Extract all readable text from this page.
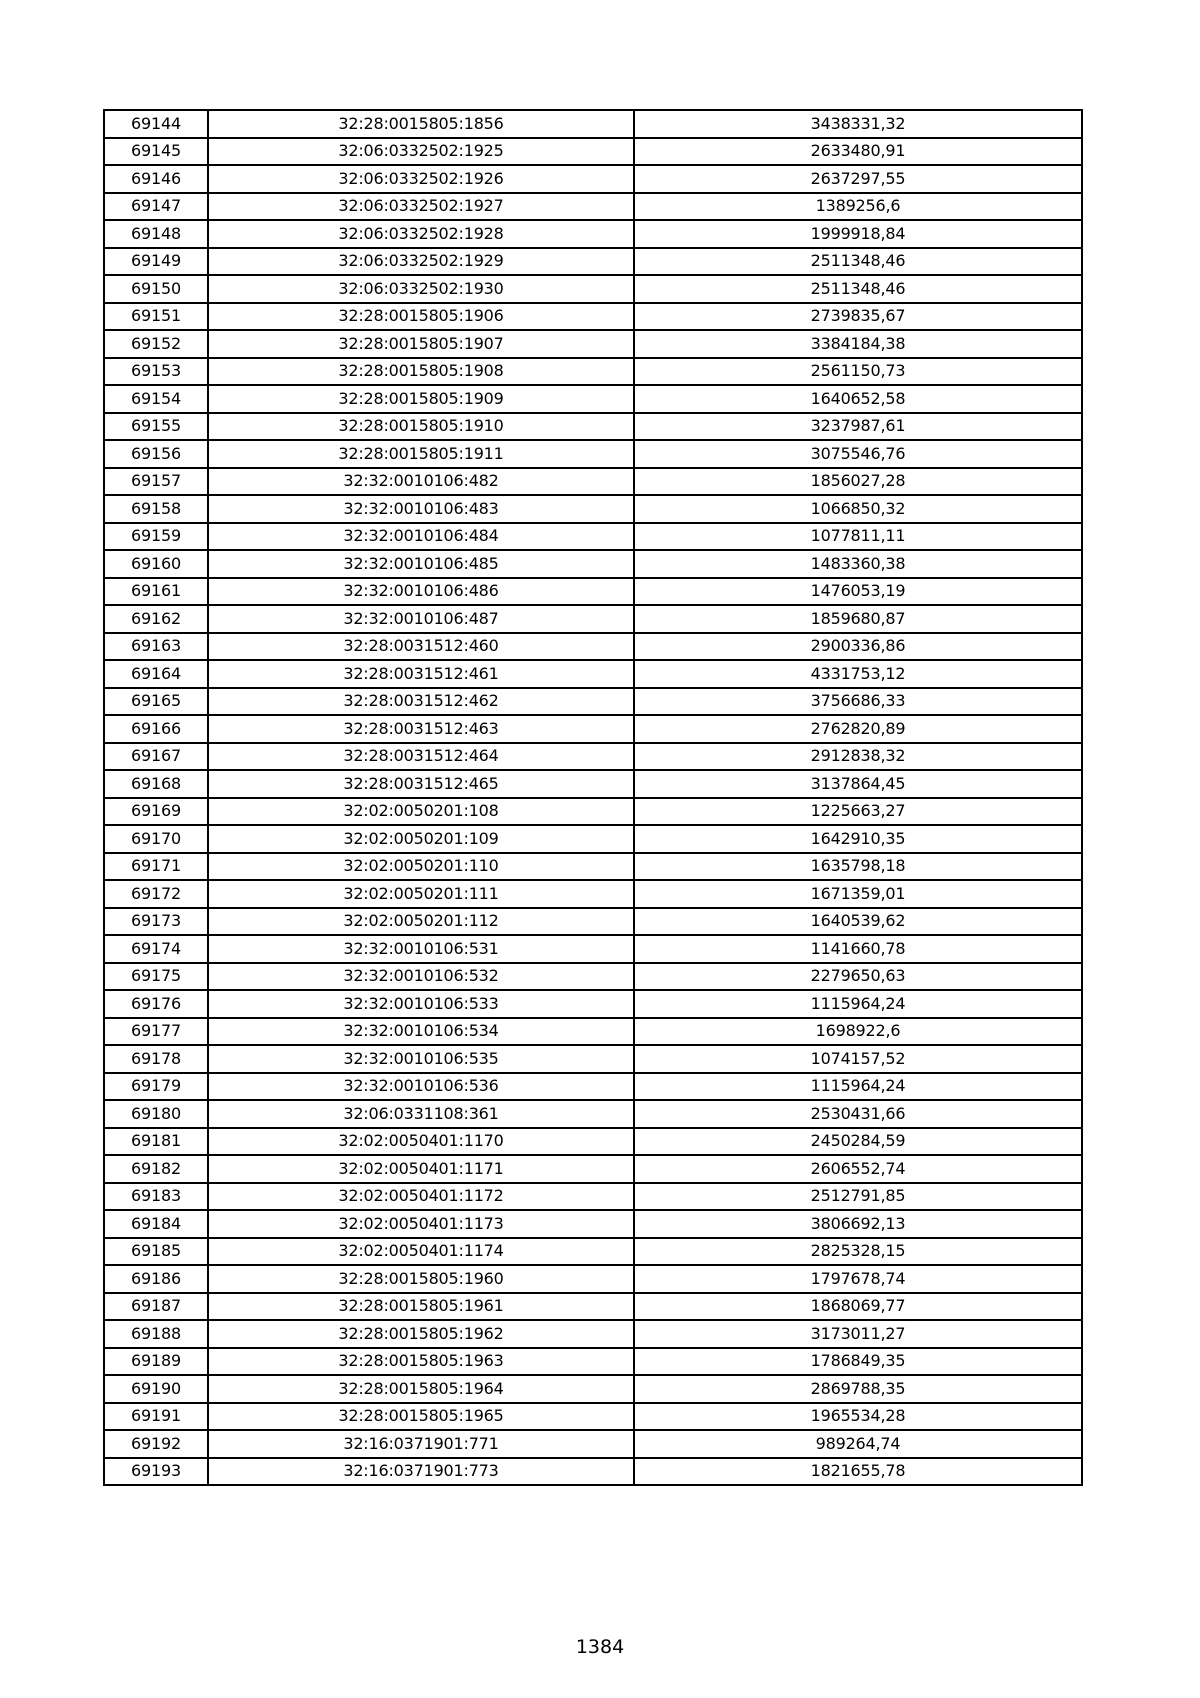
69144	32:28:0015805:1856	3438331,32
69145	32:06:0332502:1925	2633480,91
69146	32:06:0332502:1926	2637297,55
69147	32:06:0332502:1927	1389256,6
69148	32:06:0332502:1928	1999918,84
69149	32:06:0332502:1929	2511348,46
69150	32:06:0332502:1930	2511348,46
69151	32:28:0015805:1906	2739835,67
69152	32:28:0015805:1907	3384184,38
69153	32:28:0015805:1908	2561150,73
69154	32:28:0015805:1909	1640652,58
69155	32:28:0015805:1910	3237987,61
69156	32:28:0015805:1911	3075546,76
69157	32:32:0010106:482	1856027,28
69158	32:32:0010106:483	1066850,32
69159	32:32:0010106:484	1077811,11
69160	32:32:0010106:485	1483360,38
69161	32:32:0010106:486	1476053,19
69162	32:32:0010106:487	1859680,87
69163	32:28:0031512:460	2900336,86
69164	32:28:0031512:461	4331753,12
69165	32:28:0031512:462	3756686,33
69166	32:28:0031512:463	2762820,89
69167	32:28:0031512:464	2912838,32
69168	32:28:0031512:465	3137864,45
69169	32:02:0050201:108	1225663,27
69170	32:02:0050201:109	1642910,35
69171	32:02:0050201:110	1635798,18
69172	32:02:0050201:111	1671359,01
69173	32:02:0050201:112	1640539,62
69174	32:32:0010106:531	1141660,78
69175	32:32:0010106:532	2279650,63
69176	32:32:0010106:533	1115964,24
69177	32:32:0010106:534	1698922,6
69178	32:32:0010106:535	1074157,52
69179	32:32:0010106:536	1115964,24
69180	32:06:0331108:361	2530431,66
69181	32:02:0050401:1170	2450284,59
69182	32:02:0050401:1171	2606552,74
69183	32:02:0050401:1172	2512791,85
69184	32:02:0050401:1173	3806692,13
69185	32:02:0050401:1174	2825328,15
69186	32:28:0015805:1960	1797678,74
69187	32:28:0015805:1961	1868069,77
69188	32:28:0015805:1962	3173011,27
69189	32:28:0015805:1963	1786849,35
69190	32:28:0015805:1964	2869788,35
69191	32:28:0015805:1965	1965534,28
69192	32:16:0371901:771	989264,74
69193	32:16:0371901:773	1821655,78
1384
